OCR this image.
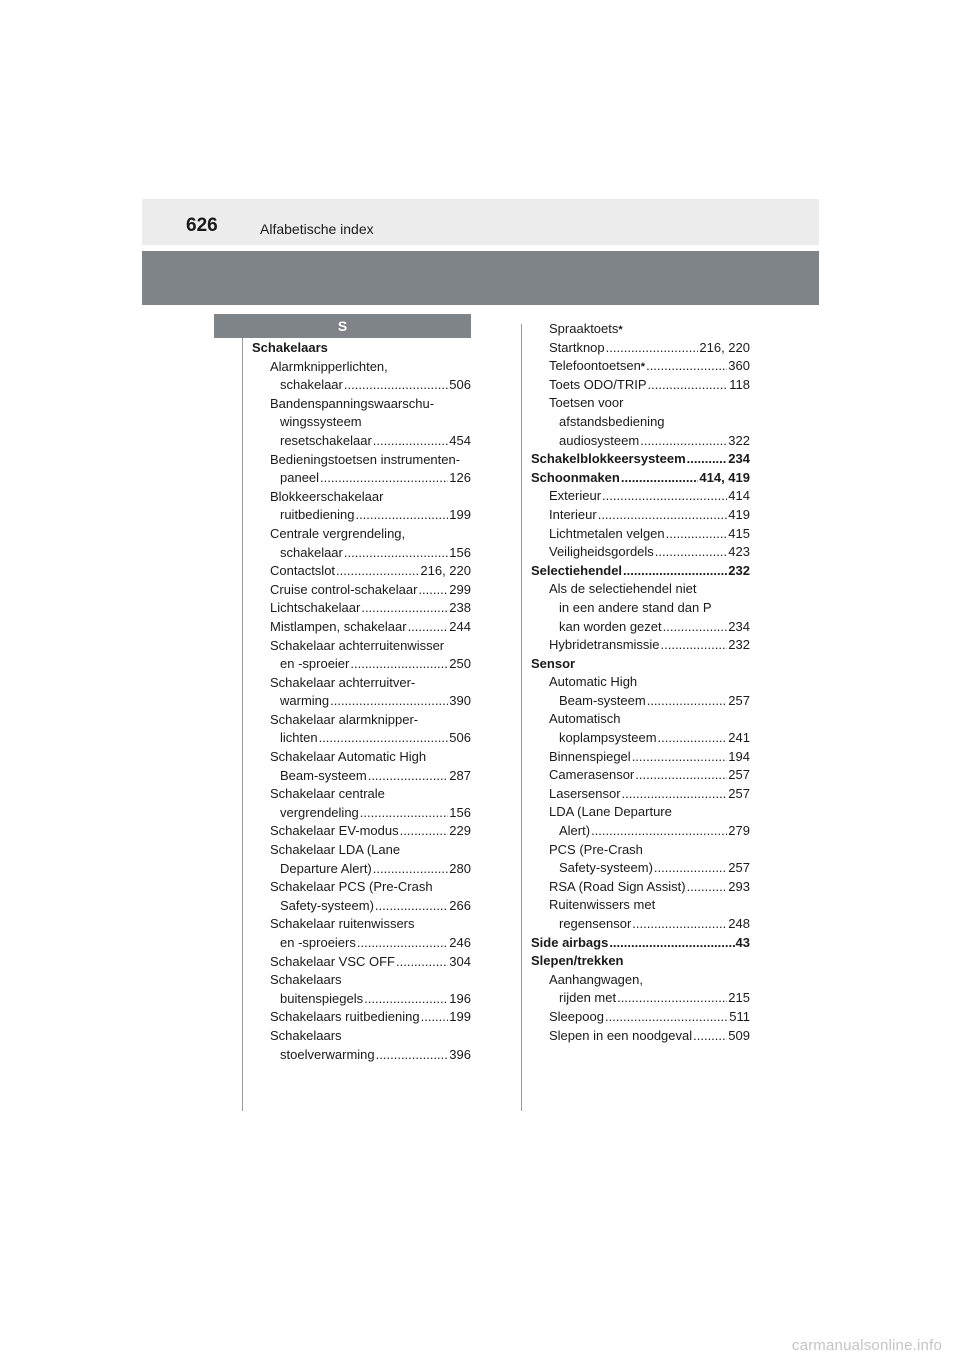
626	Alfabetische index
S
Schakelaars
Alarmknipperlichten,
schakelaar .....	506
Bandenspanningswaarschu-
wingssysteem
resetschakelaar .....	454
Bedieningstoetsen instrumenten-
paneel .....	126
Blokkeerschakelaar
ruitbediening .....	199
Centrale vergrendeling,
schakelaar .....	156
Contactslot .....	216, 220
Cruise control-schakelaar ..... 299
Lichtschakelaar .....	238
Mistlampen, schakelaar .....	244
Schakelaar achterruitenwisser
en -sproeier .....	250
Schakelaar achterruitver-
warming .....	390
Schakelaar alarmknipper-
lichten .....	506
Schakelaar Automatic High
Beam-systeem .....	287
Schakelaar centrale
vergrendeling .....	156
Schakelaar EV-modus .....	229
Schakelaar LDA (Lane
Departure Alert) .....	280
Schakelaar PCS (Pre-Crash
Safety-systeem) .....	266
Schakelaar ruitenwissers
en -sproeiers .....	246
Schakelaar VSC OFF .....	304
Schakelaars
buitenspiegels .....	196
Schakelaars ruitbediening ..... 199
Schakelaars
stoelverwarming .....	396
Spraaktoets *
Startknop .....	216, 220
Telefoontoetsen * .....	360
Toets ODO/TRIP .....	118
Toetsen voor
afstandsbediening
audiosysteem .....	322
Schakelblokkeersysteem .....	234
Schoonmaken .....	414, 419
Exterieur .....	414
Interieur .....	419
Lichtmetalen velgen .....	415
Veiligheidsgordels .....	423
Selectiehendel .....	232
Als de selectiehendel niet
in een andere stand dan P
kan worden gezet .....	234
Hybridetransmissie .....	232
Sensor
Automatic High
Beam-systeem .....	257
Automatisch
koplampsysteem .....	241
Binnenspiegel .....	194
Camerasensor .....	257
Lasersensor .....	257
LDA (Lane Departure
Alert) .....	279
PCS (Pre-Crash
Safety-systeem) .....	257
RSA (Road Sign Assist) .....	293
Ruitenwissers met
regensensor .....	248
Side airbags .....	43
Slepen/trekken
Aanhangwagen,
rijden met .....	215
Sleepoog .....	511
Slepen in een noodgeval .....	509
carmanualsonline.info
